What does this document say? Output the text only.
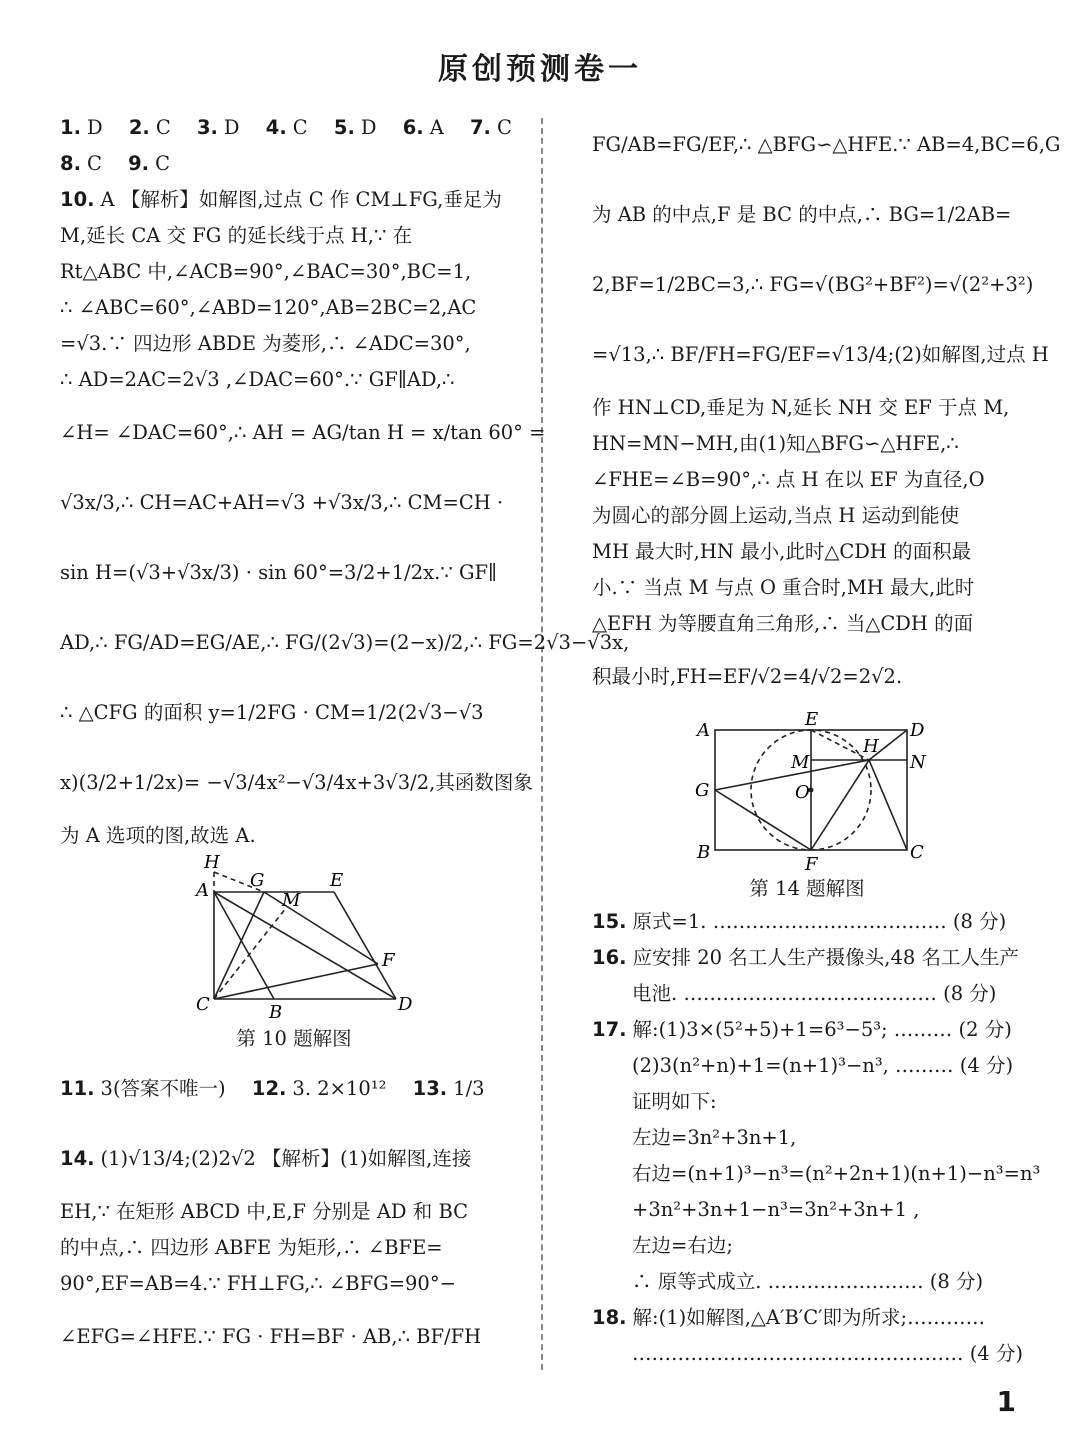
原创预测卷一
1. D 2. C 3. D 4. C 5. D 6. A 7. C
8. C 9. C
10. A 【解析】如解图,过点 C 作 CM⊥FG,垂足为
M,延长 CA 交 FG 的延长线于点 H,∵ 在
Rt△ABC 中,∠ACB=90°,∠BAC=30°,BC=1,
∴ ∠ABC=60°,∠ABD=120°,AB=2BC=2,AC
=√3.∵ 四边形 ABDE 为菱形,∴ ∠ADC=30°,
∴ AD=2AC=2√3 ,∠DAC=60°.∵ GF∥AD,∴
∠H= ∠DAC=60°,∴ AH = AG/tan H = x/tan 60° =
√3x/3,∴ CH=AC+AH=√3 +√3x/3,∴ CM=CH ·
sin H=(√3+√3x/3) · sin 60°=3/2+1/2x.∵ GF∥
AD,∴ FG/AD=EG/AE,∴ FG/(2√3)=(2−x)/2,∴ FG=2√3−√3x,
∴ △CFG 的面积 y=1/2FG · CM=1/2(2√3−√3
x)(3/2+1/2x)= −√3/4x²−√3/4x+3√3/2,其函数图象
为 A 选项的图,故选 A.
H
A G	E
M
F
C	B	D
第 10 题解图
11. 3(答案不唯一) 12. 3. 2×10¹² 13. 1/3
14. (1)√13/4;(2)2√2 【解析】(1)如解图,连接
EH,∵ 在矩形 ABCD 中,E,F 分别是 AD 和 BC
的中点,∴ 四边形 ABFE 为矩形,∴ ∠BFE=
90°,EF=AB=4.∵ FH⊥FG,∴ ∠BFG=90°−
∠EFG=∠HFE.∵ FG · FH=BF · AB,∴ BF/FH
FG/AB=FG/EF,∴ △BFG∽△HFE.∵ AB=4,BC=6,G
为 AB 的中点,F 是 BC 的中点,∴ BG=1/2AB=
2,BF=1/2BC=3,∴ FG=√(BG²+BF²)=√(2²+3²)
=√13,∴ BF/FH=FG/EF=√13/4;(2)如解图,过点 H
作 HN⊥CD,垂足为 N,延长 NH 交 EF 于点 M,
HN=MN−MH,由(1)知△BFG∽△HFE,∴
∠FHE=∠B=90°,∴ 点 H 在以 EF 为直径,O
为圆心的部分圆上运动,当点 H 运动到能使
MH 最大时,HN 最小,此时△CDH 的面积最
小.∵ 当点 M 与点 O 重合时,MH 最大,此时
△EFH 为等腰直角三角形,∴ 当△CDH 的面
积最小时,FH=EF/√2=4/√2=2√2.
A
E
D
H
M	N
G	O
B
F
C
第 14 题解图
15. 原式=1. ……………………………… (8 分)
16. 应安排 20 名工人生产摄像头,48 名工人生产
电池. ………………………………… (8 分)
17. 解:(1)3×(5²+5)+1=6³−5³; ……… (2 分)
(2)3(n²+n)+1=(n+1)³−n³, ……… (4 分)
证明如下:
左边=3n²+3n+1,
右边=(n+1)³−n³=(n²+2n+1)(n+1)−n³=n³
+3n²+3n+1−n³=3n²+3n+1 ,
左边=右边;
∴ 原等式成立. …………………… (8 分)
18. 解:(1)如解图,△A′B′C′即为所求;…………
…………………………………………… (4 分)
1
